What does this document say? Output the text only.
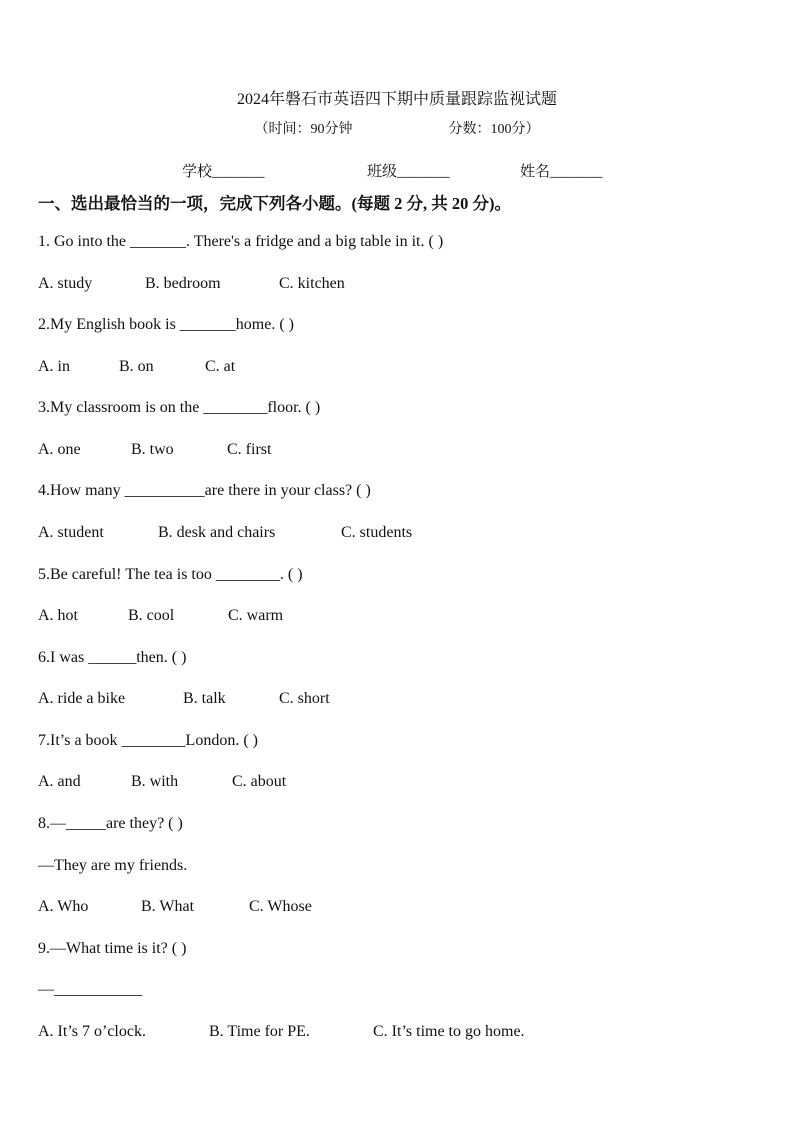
2024年磐石市英语四下期中质量跟踪监视试题
（时间：90分钟	分数：100分）
学校_______	班级_______	姓名_______
一、选出最恰当的一项，完成下列各小题。(每题 2 分, 共 20 分)。
1. Go into the _______. There's a fridge and a big table in it. ( )
A. study	B. bedroom	C. kitchen
2.My English book is _______home. ( )
A. in	B. on	C. at
3.My classroom is on the ________floor. ( )
A. one	B. two	C. first
4.How many __________are there in your class? ( )
A. student	B. desk and chairs	C. students
5.Be careful! The tea is too ________. ( )
A. hot	B. cool	C. warm
6.I was ______then. ( )
A. ride a bike	B. talk	C. short
7.It’s a book ________London. ( )
A. and	B. with	C. about
8.—_____are they? ( )
—They are my friends.
A. Who	B. What	C. Whose
9.—What time is it? ( )
—___________
A. It’s 7 o’clock.	B. Time for PE.	C. It’s time to go home.
